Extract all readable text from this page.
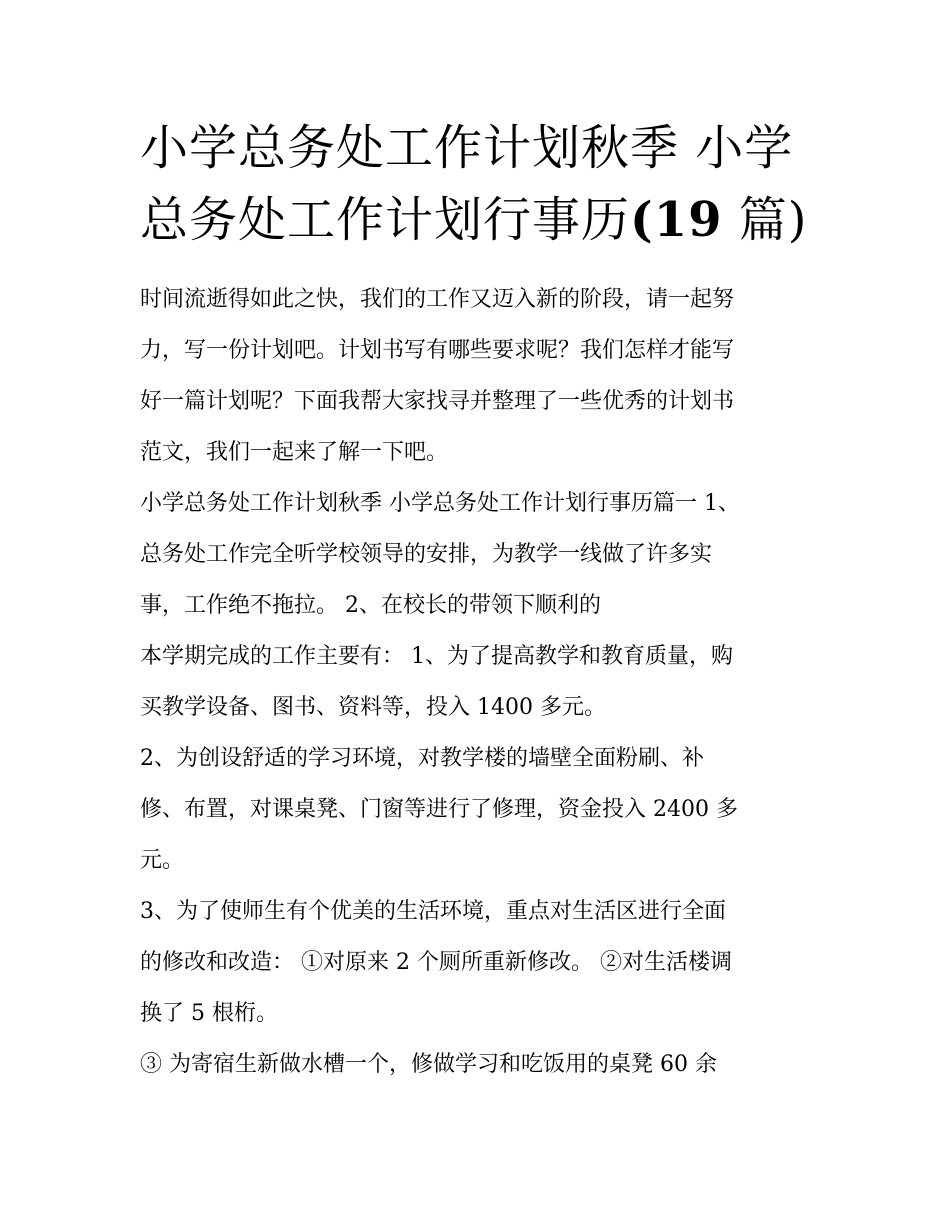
小学总务处工作计划秋季 小学
总务处工作计划行事历(19 篇)

时间流逝得如此之快，我们的工作又迈入新的阶段，请一起努
力，写一份计划吧。计划书写有哪些要求呢？我们怎样才能写
好一篇计划呢？下面我帮大家找寻并整理了一些优秀的计划书
范文，我们一起来了解一下吧。

小学总务处工作计划秋季 小学总务处工作计划行事历篇一 1、
总务处工作完全听学校领导的安排，为教学一线做了许多实
事，工作绝不拖拉。 2、在校长的带领下顺利的

本学期完成的工作主要有： 1、为了提高教学和教育质量，购
买教学设备、图书、资料等，投入 1400 多元。

2、为创设舒适的学习环境，对教学楼的墙壁全面粉刷、补
修、布置，对课桌凳、门窗等进行了修理，资金投入 2400 多
元。

3、为了使师生有个优美的生活环境，重点对生活区进行全面
的修改和改造： ①对原来 2 个厕所重新修改。 ②对生活楼调
换了 5 根桁。

③ 为寄宿生新做水槽一个，修做学习和吃饭用的桌凳 60 余
